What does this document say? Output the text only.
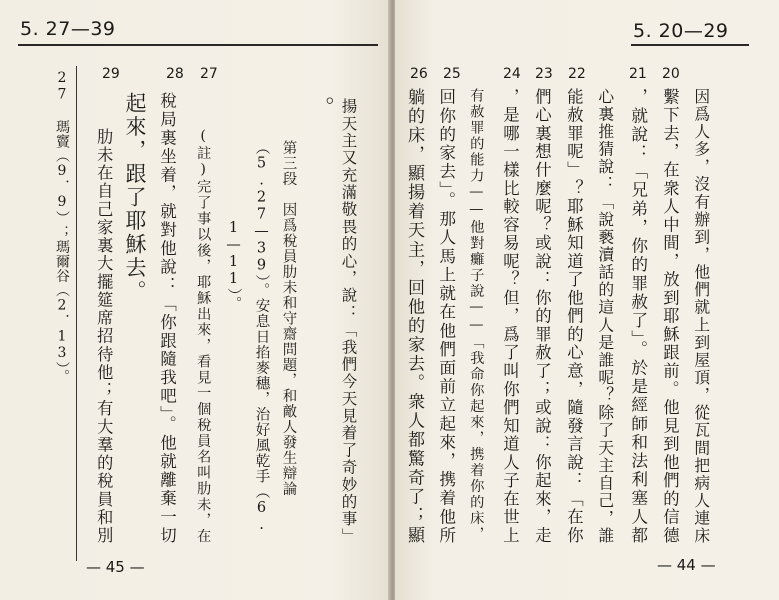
5. 27—39
27
28
29
揚天主又充滿敬畏的心，說：「我們今天見着了奇妙的事」
。
第三段　因爲稅員肋未和守齋問題，和敵人發生辯論
（5.27—39）。安息日掐麥穗，治好風乾手（6.
1—11）。
(註)完了事以後，耶穌出來，看見一個稅員名叫肋未，在
稅局裏坐着，就對他說：「你跟隨我吧」。他就離棄一切
起來，跟了耶穌去。
肋未在自己家裏大擺筵席招待他；有大羣的稅員和別
27 瑪竇（9．9）；瑪爾谷（2．13）。
— 45 —
5. 20—29
20
21
22
23
24
25
26
因爲人多，沒有辦到，他們就上到屋頂，從瓦間把病人連床
繫下去，在衆人中間，放到耶穌跟前。他見到他們的信德
，就說：「兄弟，你的罪赦了」。於是經師和法利塞人都
心裏推猜說：「說褻瀆話的這人是誰呢？除了天主自己，誰
能赦罪呢」？耶穌知道了他們的心意，隨發言說：「在你
們心裏想什麼呢？或說：你的罪赦了；或說：你起來，走
，是哪一樣比較容易呢？但，爲了叫你們知道人子在世上
有赦罪的能力——他對癱子說——「我命你起來，携着你的床，
回你的家去」。那人馬上就在他們面前立起來，携着他所
躺的床，顯揚着天主，回他的家去。衆人都驚奇了；顯
— 44 —
